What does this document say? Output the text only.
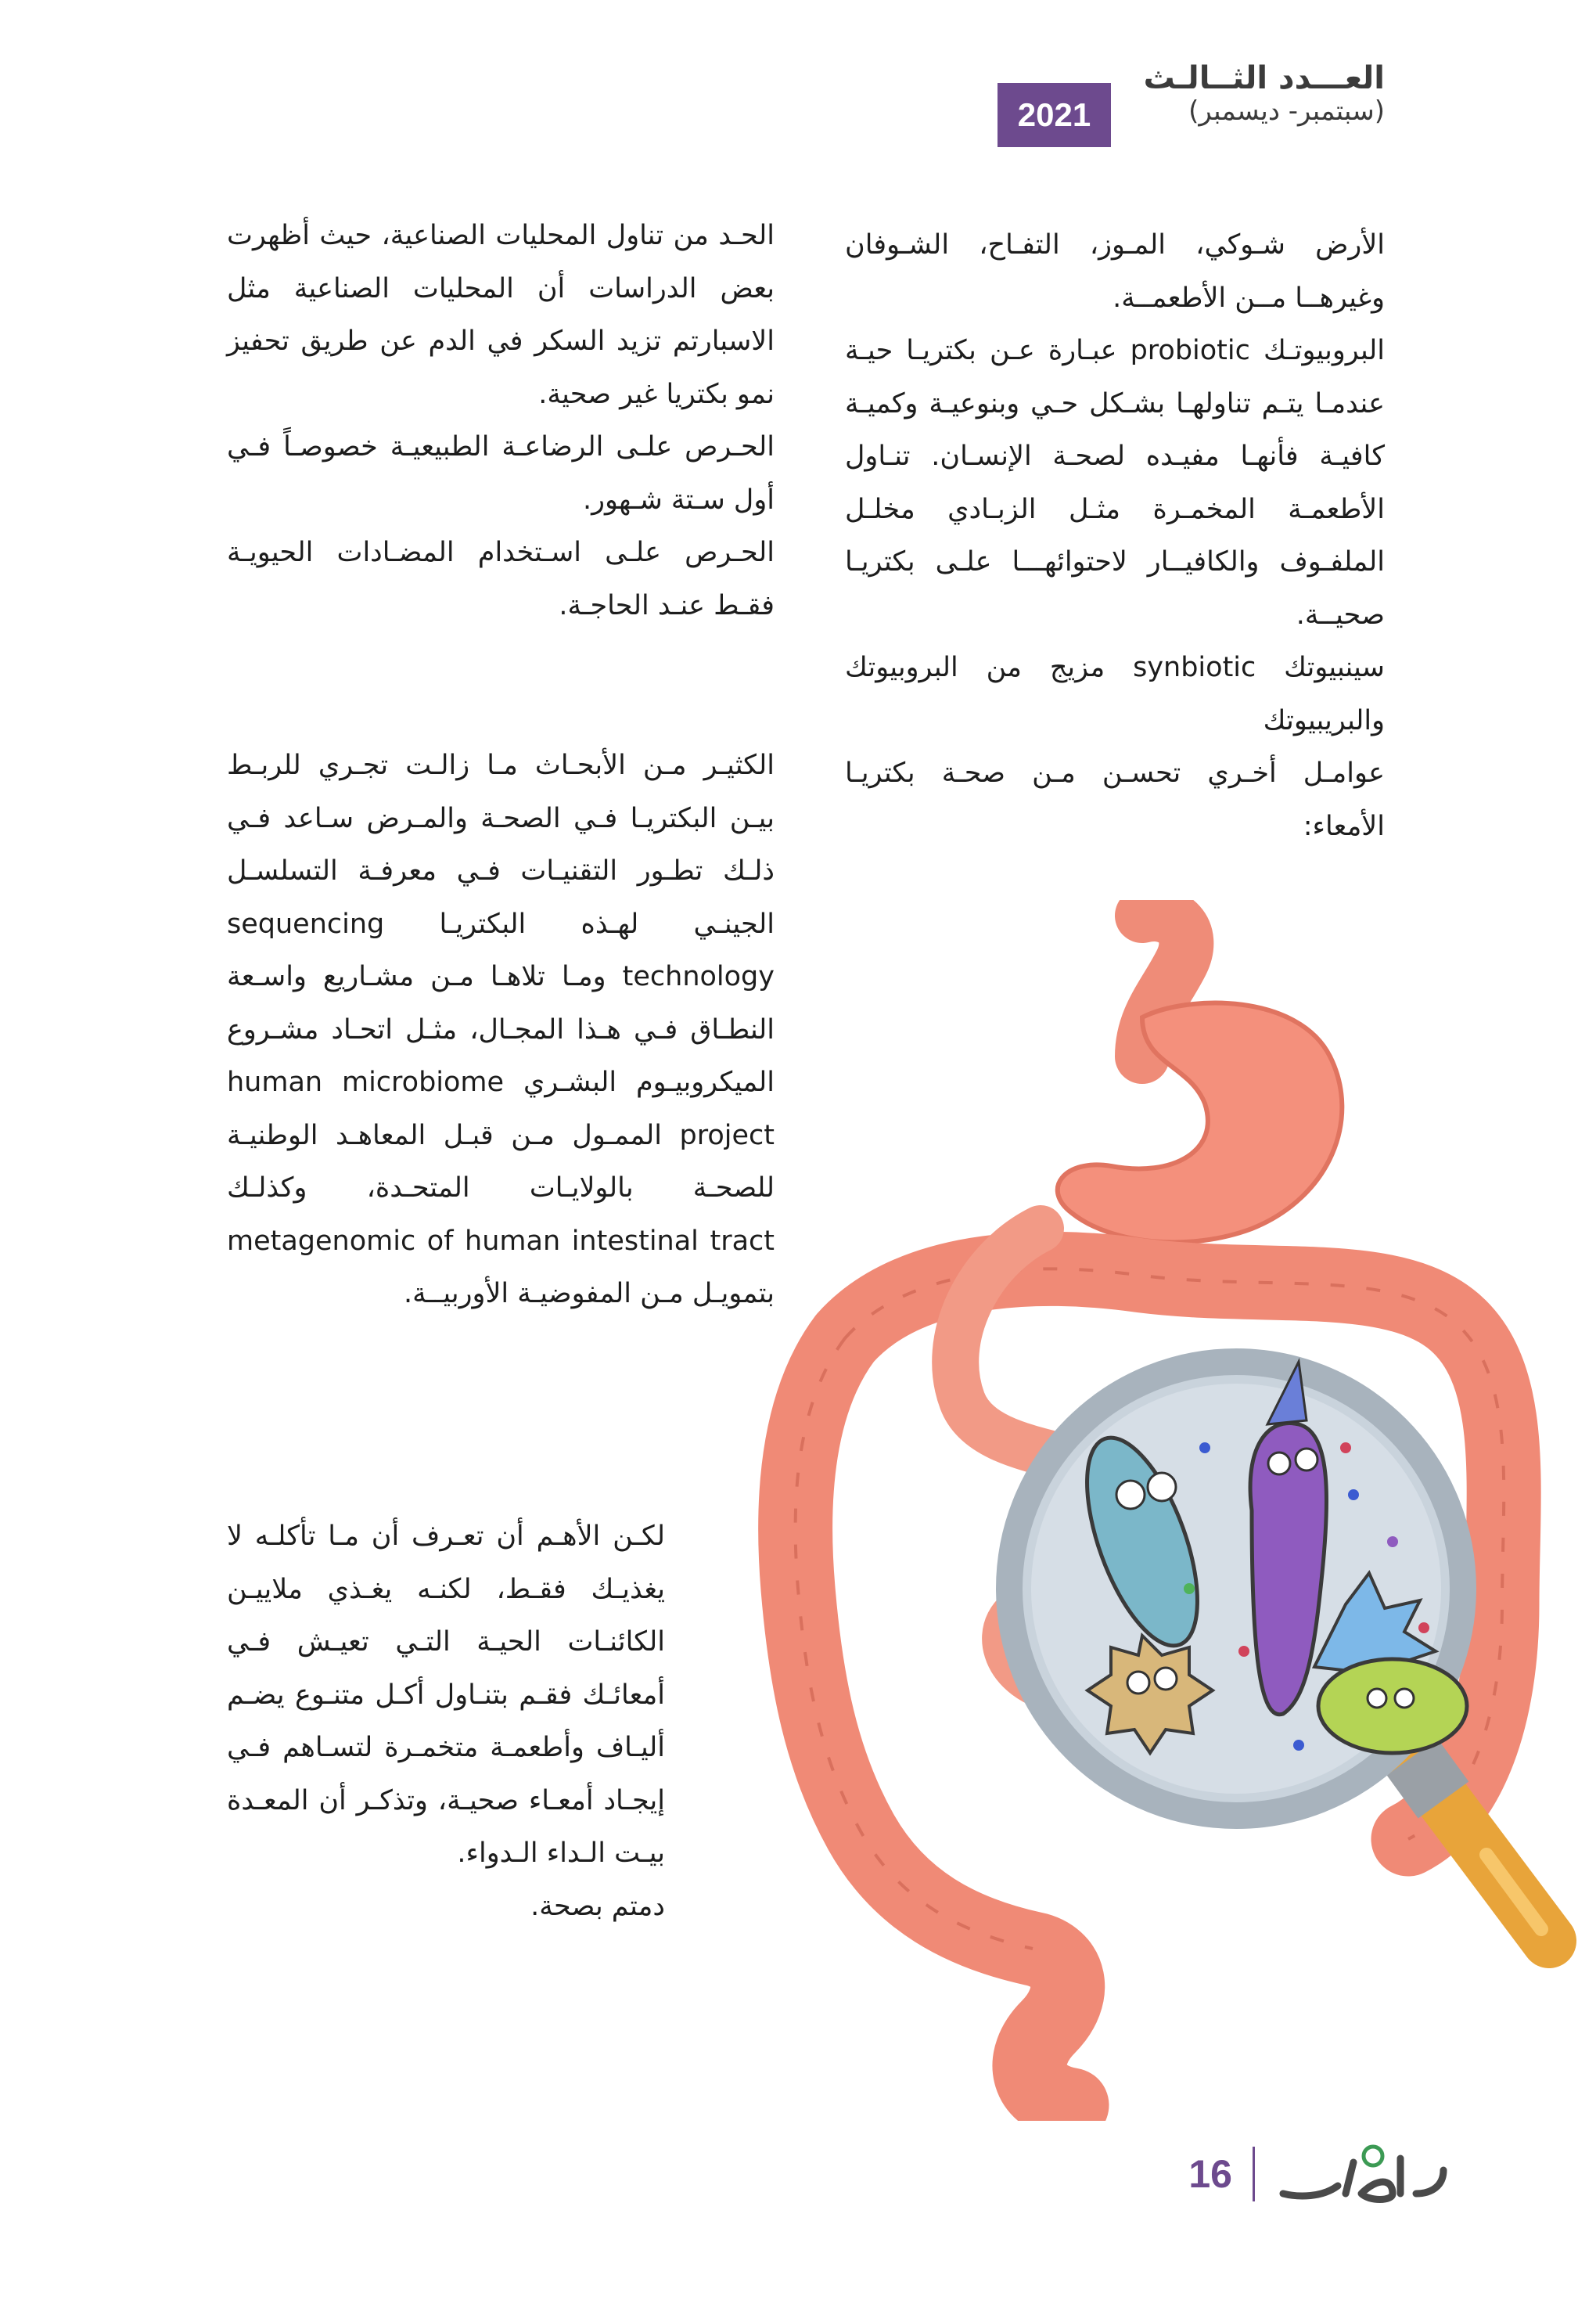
العـــدد الثــالـث
(سبتمبر- ديسمبر)
2021

الأرض شـوكي، المـوز، التفـاح، الشـوفان وغيرهــا مــن الأطعمــة.

البروبيوتـك probiotic عبـارة عـن بكتريـا حيـة عندمـا يتـم تناولهـا بشـكل حـي وبنوعيـة وكميـة كافيـة فأنهـا مفيـده لصحـة الإنسـان. تنـاول الأطعمـة المخمـرة مثـل الزبـادي مخلـل الملفـوف والكافيــار لاحتوائهـــا علـى بكتريـا صحيــة.

سينبيوتك synbiotic مزيج من البروبيوتك والبريبيوتك

عوامـل أخـري تحسـن مـن صحـة بكتريـا الأمعاء:

الحـد من تناول المحليات الصناعية، حيث أظهرت بعض الدراسات أن المحليات الصناعية مثل الاسبارتم تزيد السكر في الدم عن طريق تحفيز نمو بكتريا غير صحية.

الحـرص علـى الرضاعـة الطبيعيـة خصوصـاً فـي أول سـتة شـهور.

الحـرص علـى اسـتخدام المضـادات الحيويـة فقـط عنـد الحاجـة.

الكثيـر مـن الأبحـاث مـا زالـت تجـري للربـط بيـن البكتريـا فـي الصحـة والمـرض سـاعد فـي ذلـك تطـور التقنيـات فـي معرفـة التسلسـل الجينـي لهـذه البكتريـا sequencing technology ومـا تلاهـا مـن مشـاريع واسـعة النطـاق فـي هـذا المجـال، مثـل اتحـاد مشـروع الميكروبيـوم البشـري human microbiome project الممـول مـن قبـل المعاهـد الوطنيـة للصحـة بالولايـات المتحـدة، وكذلـك metagenomic of human intestinal tract بتمويـل مـن المفوضيـة الأوربيــة.

لكـن الأهـم أن تعـرف أن مـا تأكلـه لا يغذيـك فقـط، لكنـه يغـذي ملاييـن الكائنـات الحيـة التـي تعيـش فـي أمعائـك فقـم بتنـاول أكـل متنـوع يضـم أليـاف وأطعمـة متخمـرة لتسـاهم فـي إيجـاد أمعـاء صحيـة، وتذكـر أن المعـدة بيـت الـداء الـدواء.

دمتم بصحة.

16
